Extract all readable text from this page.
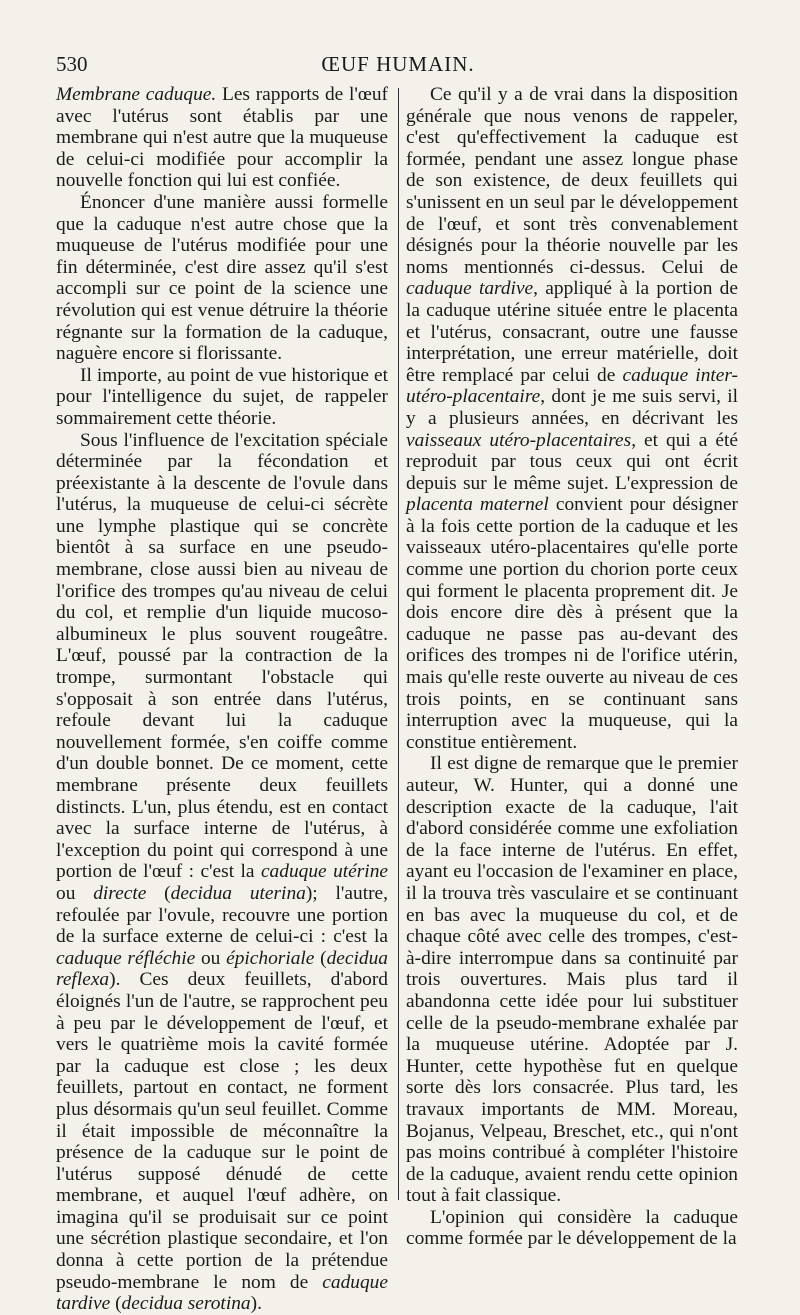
530	ŒUF HUMAIN.

Membrane caduque. Les rapports de l'œuf avec l'utérus sont établis par une membrane qui n'est autre que la muqueuse de celui-ci modifiée pour accomplir la nouvelle fonction qui lui est confiée.

Énoncer d'une manière aussi formelle que la caduque n'est autre chose que la muqueuse de l'utérus modifiée pour une fin déterminée, c'est dire assez qu'il s'est accompli sur ce point de la science une révolution qui est venue détruire la théorie régnante sur la formation de la caduque, naguère encore si florissante.

Il importe, au point de vue historique et pour l'intelligence du sujet, de rappeler sommairement cette théorie.

Sous l'influence de l'excitation spéciale déterminée par la fécondation et préexistante à la descente de l'ovule dans l'utérus, la muqueuse de celui-ci sécrète une lymphe plastique qui se concrète bientôt à sa surface en une pseudo-membrane, close aussi bien au niveau de l'orifice des trompes qu'au niveau de celui du col, et remplie d'un liquide mucoso-albumineux le plus souvent rougeâtre. L'œuf, poussé par la contraction de la trompe, surmontant l'obstacle qui s'opposait à son entrée dans l'utérus, refoule devant lui la caduque nouvellement formée, s'en coiffe comme d'un double bonnet. De ce moment, cette membrane présente deux feuillets distincts. L'un, plus étendu, est en contact avec la surface interne de l'utérus, à l'exception du point qui correspond à une portion de l'œuf : c'est la caduque utérine ou directe (decidua uterina); l'autre, refoulée par l'ovule, recouvre une portion de la surface externe de celui-ci : c'est la caduque réfléchie ou épichoriale (decidua reflexa). Ces deux feuillets, d'abord éloignés l'un de l'autre, se rapprochent peu à peu par le développement de l'œuf, et vers le quatrième mois la cavité formée par la caduque est close ; les deux feuillets, partout en contact, ne forment plus désormais qu'un seul feuillet. Comme il était impossible de méconnaître la présence de la caduque sur le point de l'utérus supposé dénudé de cette membrane, et auquel l'œuf adhère, on imagina qu'il se produisait sur ce point une sécrétion plastique secondaire, et l'on donna à cette portion de la prétendue pseudo-membrane le nom de caduque tardive (decidua serotina).

Ce qu'il y a de vrai dans la disposition générale que nous venons de rappeler, c'est qu'effectivement la caduque est formée, pendant une assez longue phase de son existence, de deux feuillets qui s'unissent en un seul par le développement de l'œuf, et sont très convenablement désignés pour la théorie nouvelle par les noms mentionnés ci-dessus. Celui de caduque tardive, appliqué à la portion de la caduque utérine située entre le placenta et l'utérus, consacrant, outre une fausse interprétation, une erreur matérielle, doit être remplacé par celui de caduque inter-utéro-placentaire, dont je me suis servi, il y a plusieurs années, en décrivant les vaisseaux utéro-placentaires, et qui a été reproduit par tous ceux qui ont écrit depuis sur le même sujet. L'expression de placenta maternel convient pour désigner à la fois cette portion de la caduque et les vaisseaux utéro-placentaires qu'elle porte comme une portion du chorion porte ceux qui forment le placenta proprement dit. Je dois encore dire dès à présent que la caduque ne passe pas au-devant des orifices des trompes ni de l'orifice utérin, mais qu'elle reste ouverte au niveau de ces trois points, en se continuant sans interruption avec la muqueuse, qui la constitue entièrement.

Il est digne de remarque que le premier auteur, W. Hunter, qui a donné une description exacte de la caduque, l'ait d'abord considérée comme une exfoliation de la face interne de l'utérus. En effet, ayant eu l'occasion de l'examiner en place, il la trouva très vasculaire et se continuant en bas avec la muqueuse du col, et de chaque côté avec celle des trompes, c'est-à-dire interrompue dans sa continuité par trois ouvertures. Mais plus tard il abandonna cette idée pour lui substituer celle de la pseudo-membrane exhalée par la muqueuse utérine. Adoptée par J. Hunter, cette hypothèse fut en quelque sorte dès lors consacrée. Plus tard, les travaux importants de MM. Moreau, Bojanus, Velpeau, Breschet, etc., qui n'ont pas moins contribué à compléter l'histoire de la caduque, avaient rendu cette opinion tout à fait classique.

L'opinion qui considère la caduque comme formée par le développement de la
